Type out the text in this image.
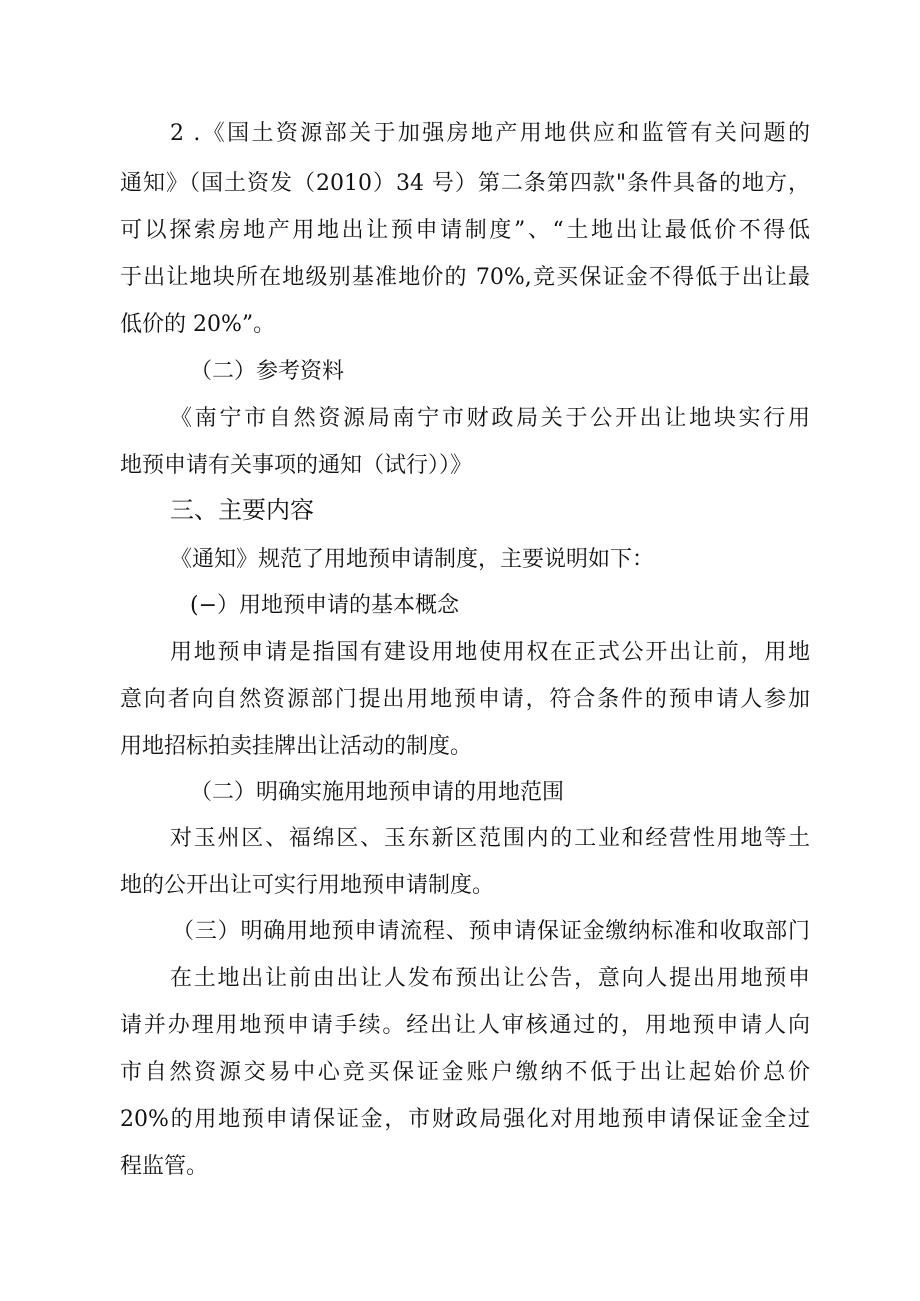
2 .《国土资源部关于加强房地产用地供应和监管有关问题的
通知》（国土资发（2010）34 号）第二条第四款"条件具备的地方，
可以探索房地产用地出让预申请制度”、“土地出让最低价不得低
于出让地块所在地级别基准地价的 70%,竞买保证金不得低于出让最
低价的 20%”。
（二）参考资料
《南宁市自然资源局南宁市财政局关于公开出让地块实行用
地预申请有关事项的通知（试行））》
三、主要内容
《通知》规范了用地预申请制度，主要说明如下：
(−）用地预申请的基本概念
用地预申请是指国有建设用地使用权在正式公开出让前，用地
意向者向自然资源部门提出用地预申请，符合条件的预申请人参加
用地招标拍卖挂牌出让活动的制度。
（二）明确实施用地预申请的用地范围
对玉州区、福绵区、玉东新区范围内的工业和经营性用地等土
地的公开出让可实行用地预申请制度。
（三）明确用地预申请流程、预申请保证金缴纳标准和收取部门
在土地出让前由出让人发布预出让公告，意向人提出用地预申
请并办理用地预申请手续。经出让人审核通过的，用地预申请人向
市自然资源交易中心竞买保证金账户缴纳不低于出让起始价总价
20%的用地预申请保证金，市财政局强化对用地预申请保证金全过
程监管。
